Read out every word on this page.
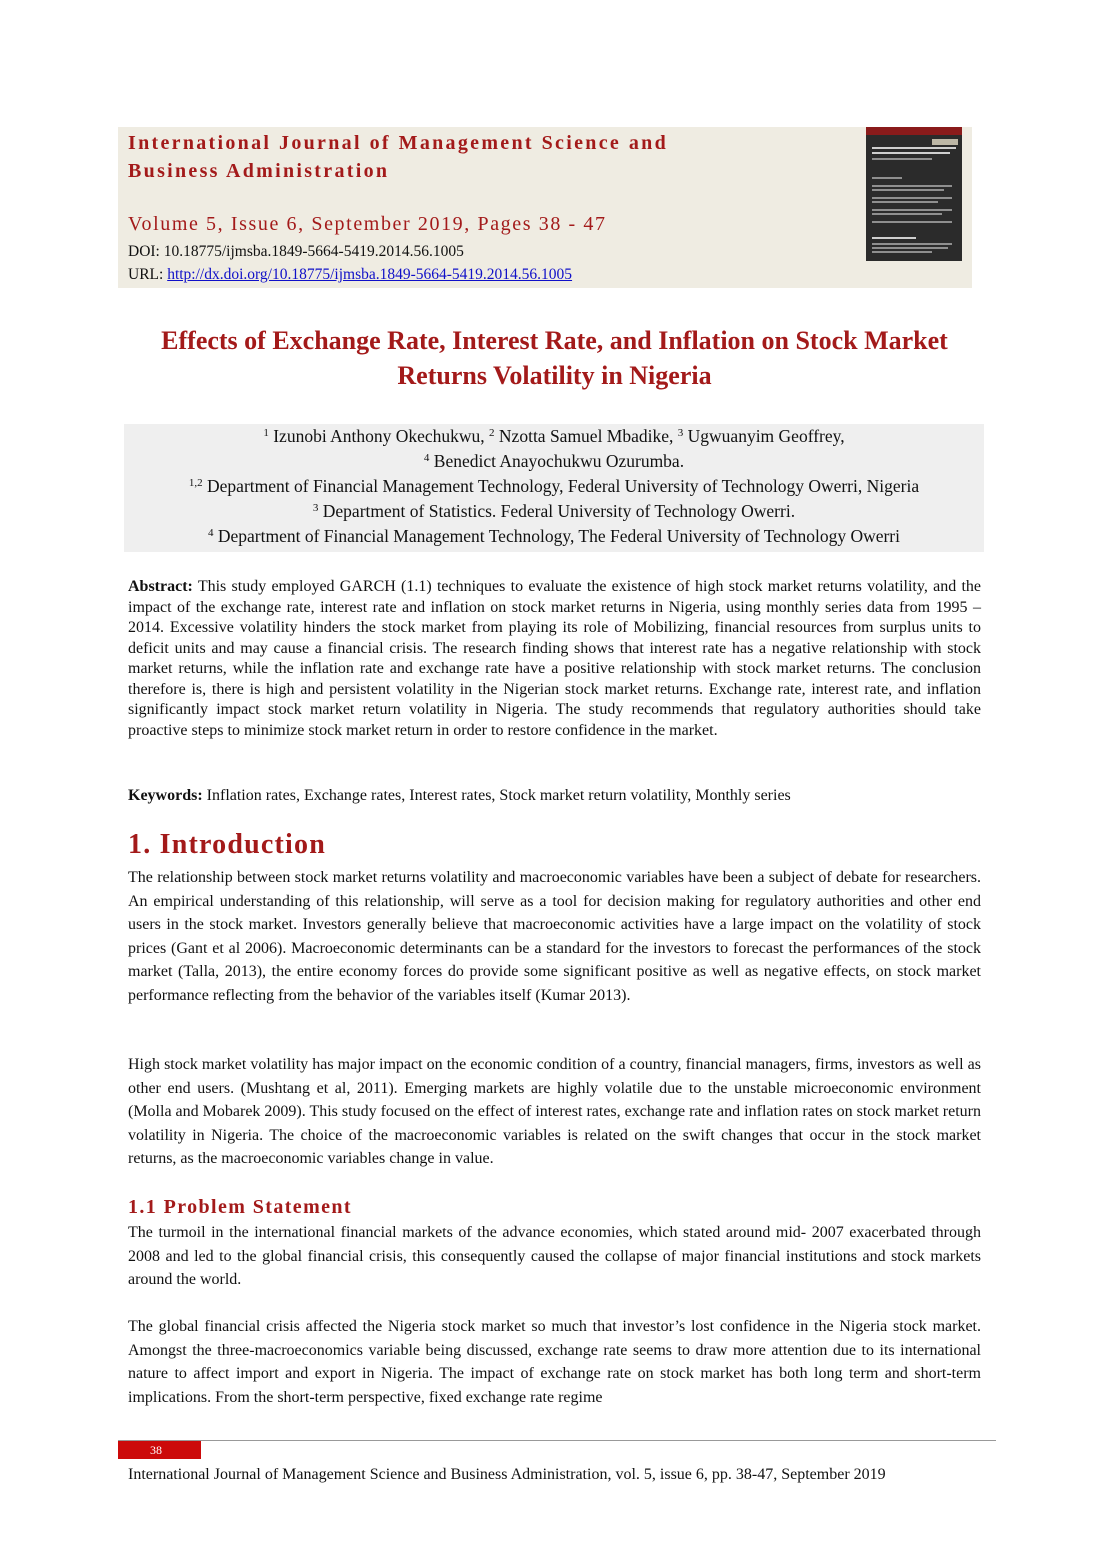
International Journal of Management Science and Business Administration

Volume 5, Issue 6, September 2019, Pages 38 - 47

DOI: 10.18775/ijmsba.1849-5664-5419.2014.56.1005

URL: http://dx.doi.org/10.18775/ijmsba.1849-5664-5419.2014.56.1005

Effects of Exchange Rate, Interest Rate, and Inflation on Stock Market Returns Volatility in Nigeria

$^1$ Izunobi Anthony Okechukwu, $^2$ Nzotta Samuel Mbadike, $^3$ Ugwuanyim Geoffrey,

$^4$ Benedict Anayochukwu Ozurumba.

$^{1,2}$ Department of Financial Management Technology, Federal University of Technology Owerri, Nigeria

$^3$ Department of Statistics. Federal University of Technology Owerri.

$^4$ Department of Financial Management Technology, The Federal University of Technology Owerri

Abstract: This study employed GARCH (1.1) techniques to evaluate the existence of high stock market returns volatility, and the impact of the exchange rate, interest rate and inflation on stock market returns in Nigeria, using monthly series data from 1995 – 2014. Excessive volatility hinders the stock market from playing its role of Mobilizing, financial resources from surplus units to deficit units and may cause a financial crisis. The research finding shows that interest rate has a negative relationship with stock market returns, while the inflation rate and exchange rate have a positive relationship with stock market returns. The conclusion therefore is, there is high and persistent volatility in the Nigerian stock market returns. Exchange rate, interest rate, and inflation significantly impact stock market return volatility in Nigeria. The study recommends that regulatory authorities should take proactive steps to minimize stock market return in order to restore confidence in the market.

Keywords: Inflation rates, Exchange rates, Interest rates, Stock market return volatility, Monthly series

1. Introduction

The relationship between stock market returns volatility and macroeconomic variables have been a subject of debate for researchers. An empirical understanding of this relationship, will serve as a tool for decision making for regulatory authorities and other end users in the stock market. Investors generally believe that macroeconomic activities have a large impact on the volatility of stock prices (Gant et al 2006). Macroeconomic determinants can be a standard for the investors to forecast the performances of the stock market (Talla, 2013), the entire economy forces do provide some significant positive as well as negative effects, on stock market performance reflecting from the behavior of the variables itself (Kumar 2013).

High stock market volatility has major impact on the economic condition of a country, financial managers, firms, investors as well as other end users. (Mushtang et al, 2011). Emerging markets are highly volatile due to the unstable microeconomic environment (Molla and Mobarek 2009). This study focused on the effect of interest rates, exchange rate and inflation rates on stock market return volatility in Nigeria. The choice of the macroeconomic variables is related on the swift changes that occur in the stock market returns, as the macroeconomic variables change in value.

1.1 Problem Statement

The turmoil in the international financial markets of the advance economies, which stated around mid- 2007 exacerbated through 2008 and led to the global financial crisis, this consequently caused the collapse of major financial institutions and stock markets around the world.

The global financial crisis affected the Nigeria stock market so much that investor’s lost confidence in the Nigeria stock market. Amongst the three-macroeconomics variable being discussed, exchange rate seems to draw more attention due to its international nature to affect import and export in Nigeria. The impact of exchange rate on stock market has both long term and short-term implications. From the short-term perspective, fixed exchange rate regime

38

International Journal of Management Science and Business Administration, vol. 5, issue 6, pp. 38-47, September 2019
